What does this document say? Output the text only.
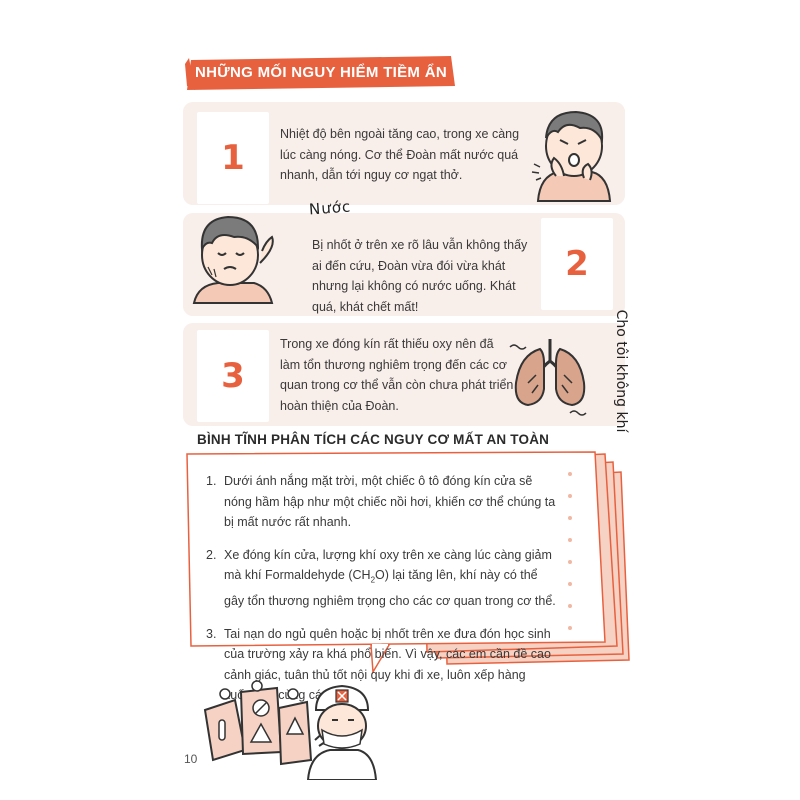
NHỮNG MỐI NGUY HIỂM TIỀM ẨN
1
Nhiệt độ bên ngoài tăng cao, trong xe càng lúc càng nóng. Cơ thể Đoàn mất nước quá nhanh, dẫn tới nguy cơ ngạt thở.
2
Bị nhốt ở trên xe rõ lâu vẫn không thấy ai đến cứu, Đoàn vừa đói vừa khát nhưng lại không có nước uống. Khát quá, khát chết mất!
Nước
3
Trong xe đóng kín rất thiếu oxy nên đã làm tổn thương nghiêm trọng đến các cơ quan trong cơ thể vẫn còn chưa phát triển hoàn thiện của Đoàn.	Cho tôi không khí
BÌNH TĨNH PHÂN TÍCH CÁC NGUY CƠ MẤT AN TOÀN
1. Dưới ánh nắng mặt trời, một chiếc ô tô đóng kín cửa sẽ nóng hầm hập như một chiếc nồi hơi, khiến cơ thể chúng ta bị mất nước rất nhanh.
2. Xe đóng kín cửa, lượng khí oxy trên xe càng lúc càng giảm mà khí Formaldehyde $(CH_2O)$ lại tăng lên, khí này có thể gây tổn thương nghiêm trọng cho các cơ quan trong cơ thể.
3. Tai nạn do ngủ quên hoặc bị nhốt trên xe đưa đón học sinh của trường xảy ra khá phổ biến. Vì vậy, các em cần đề cao cảnh giác, tuân thủ tốt nội quy khi đi xe, luôn xếp hàng các
10
